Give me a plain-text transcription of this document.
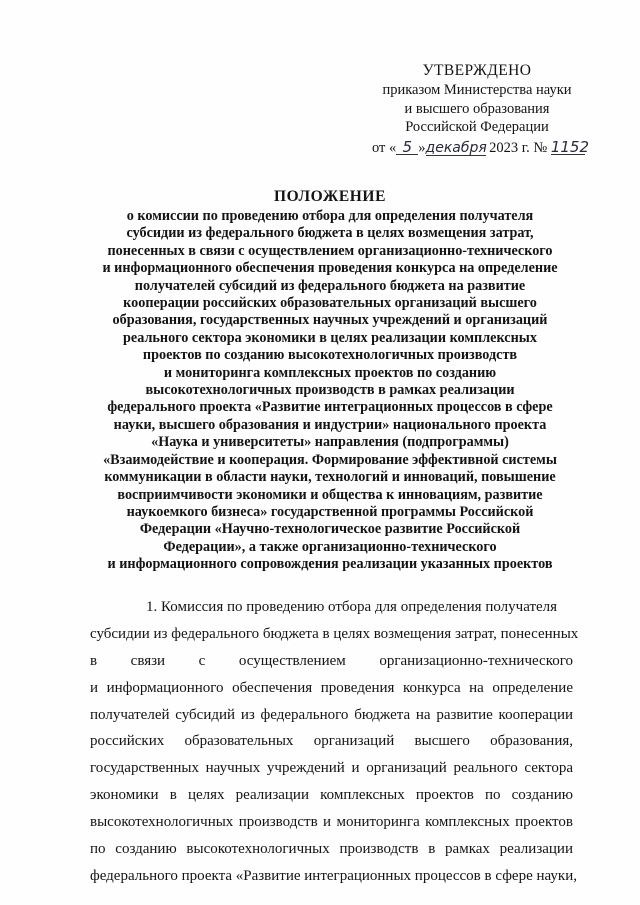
УТВЕРЖДЕНО
приказом Министерства науки
и высшего образования
Российской Федерации
от « 5 »декабря 2023 г. № 1152
ПОЛОЖЕНИЕ
о комиссии по проведению отбора для определения получателя
субсидии из федерального бюджета в целях возмещения затрат,
понесенных в связи с осуществлением организационно-технического
и информационного обеспечения проведения конкурса на определение
получателей субсидий из федерального бюджета на развитие
кооперации российских образовательных организаций высшего
образования, государственных научных учреждений и организаций
реального сектора экономики в целях реализации комплексных
проектов по созданию высокотехнологичных производств
и мониторинга комплексных проектов по созданию
высокотехнологичных производств в рамках реализации
федерального проекта «Развитие интеграционных процессов в сфере
науки, высшего образования и индустрии» национального проекта
«Наука и университеты» направления (подпрограммы)
«Взаимодействие и кооперация. Формирование эффективной системы
коммуникации в области науки, технологий и инноваций, повышение
восприимчивости экономики и общества к инновациям, развитие
наукоемкого бизнеса» государственной программы Российской
Федерации «Научно-технологическое развитие Российской
Федерации», а также организационно-технического
и информационного сопровождения реализации указанных проектов
1. Комиссия по проведению отбора для определения получателя
субсидии из федерального бюджета в целях возмещения затрат, понесенных
в связи с осуществлением организационно-технического
и информационного обеспечения проведения конкурса на определение
получателей субсидий из федерального бюджета на развитие кооперации
российских образовательных организаций высшего образования,
государственных научных учреждений и организаций реального сектора
экономики в целях реализации комплексных проектов по созданию
высокотехнологичных производств и мониторинга комплексных проектов
по созданию высокотехнологичных производств в рамках реализации
федерального проекта «Развитие интеграционных процессов в сфере науки,
